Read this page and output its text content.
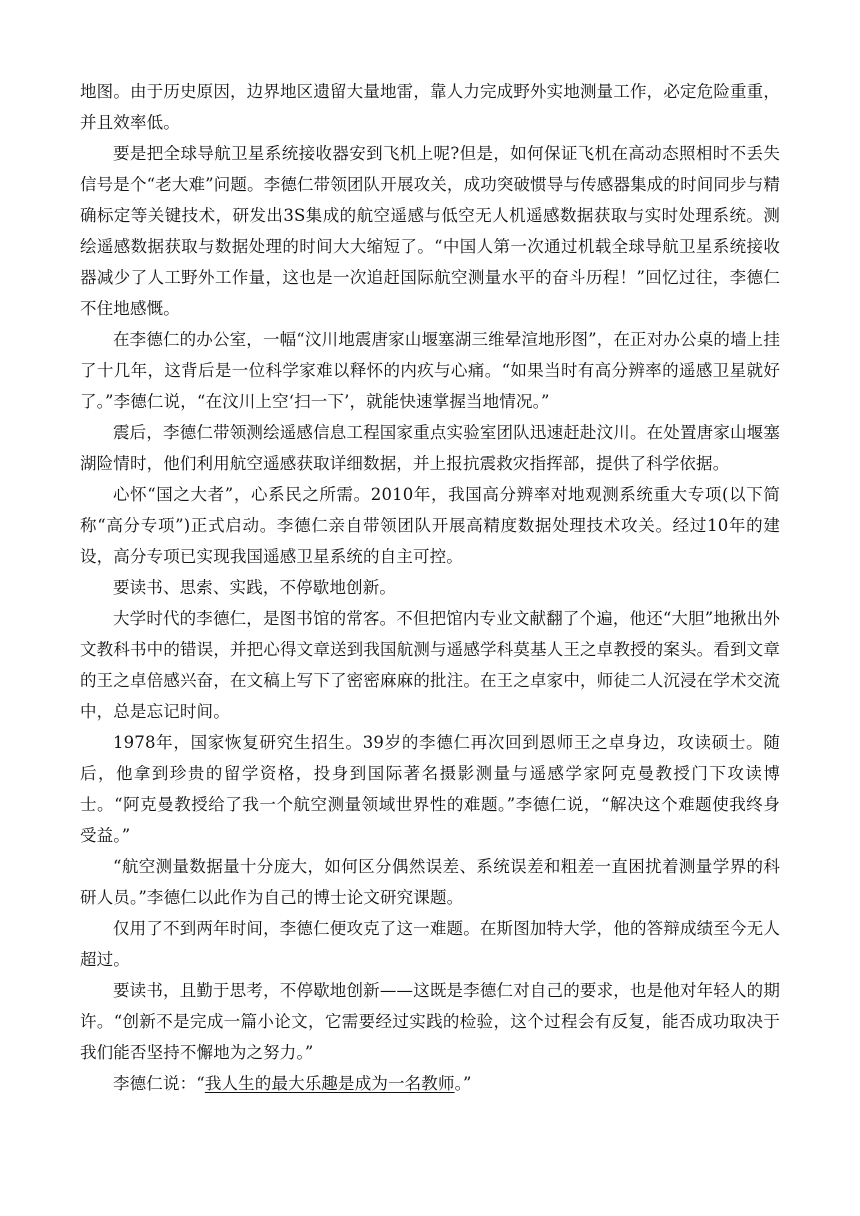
地图。由于历史原因，边界地区遗留大量地雷，靠人力完成野外实地测量工作，必定危险重重，并且效率低。

要是把全球导航卫星系统接收器安到飞机上呢?但是，如何保证飞机在高动态照相时不丢失信号是个“老大难”问题。李德仁带领团队开展攻关，成功突破惯导与传感器集成的时间同步与精确标定等关键技术，研发出3S集成的航空遥感与低空无人机遥感数据获取与实时处理系统。测绘遥感数据获取与数据处理的时间大大缩短了。“中国人第一次通过机载全球导航卫星系统接收器减少了人工野外工作量，这也是一次追赶国际航空测量水平的奋斗历程！”回忆过往，李德仁不住地感慨。

在李德仁的办公室，一幅“汶川地震唐家山堰塞湖三维晕渲地形图”，在正对办公桌的墙上挂了十几年，这背后是一位科学家难以释怀的内疚与心痛。“如果当时有高分辨率的遥感卫星就好了。”李德仁说，“在汶川上空‘扫一下’，就能快速掌握当地情况。”

震后，李德仁带领测绘遥感信息工程国家重点实验室团队迅速赶赴汶川。在处置唐家山堰塞湖险情时，他们利用航空遥感获取详细数据，并上报抗震救灾指挥部，提供了科学依据。

心怀“国之大者”，心系民之所需。2010年，我国高分辨率对地观测系统重大专项(以下简称“高分专项”)正式启动。李德仁亲自带领团队开展高精度数据处理技术攻关。经过10年的建设，高分专项已实现我国遥感卫星系统的自主可控。

要读书、思索、实践，不停歇地创新。

大学时代的李德仁，是图书馆的常客。不但把馆内专业文献翻了个遍，他还“大胆”地揪出外文教科书中的错误，并把心得文章送到我国航测与遥感学科莫基人王之卓教授的案头。看到文章的王之卓倍感兴奋，在文稿上写下了密密麻麻的批注。在王之卓家中，师徒二人沉浸在学术交流中，总是忘记时间。

1978年，国家恢复研究生招生。39岁的李德仁再次回到恩师王之卓身边，攻读硕士。随后，他拿到珍贵的留学资格，投身到国际著名摄影测量与遥感学家阿克曼教授门下攻读博士。“阿克曼教授给了我一个航空测量领域世界性的难题。”李德仁说，“解决这个难题使我终身受益。”

“航空测量数据量十分庞大，如何区分偶然误差、系统误差和粗差一直困扰着测量学界的科研人员。”李德仁以此作为自己的博士论文研究课题。

仅用了不到两年时间，李德仁便攻克了这一难题。在斯图加特大学，他的答辩成绩至今无人超过。

要读书，且勤于思考，不停歇地创新——这既是李德仁对自己的要求，也是他对年轻人的期许。“创新不是完成一篇小论文，它需要经过实践的检验，这个过程会有反复，能否成功取决于我们能否坚持不懈地为之努力。”

李德仁说：“我人生的最大乐趣是成为一名教师。”
